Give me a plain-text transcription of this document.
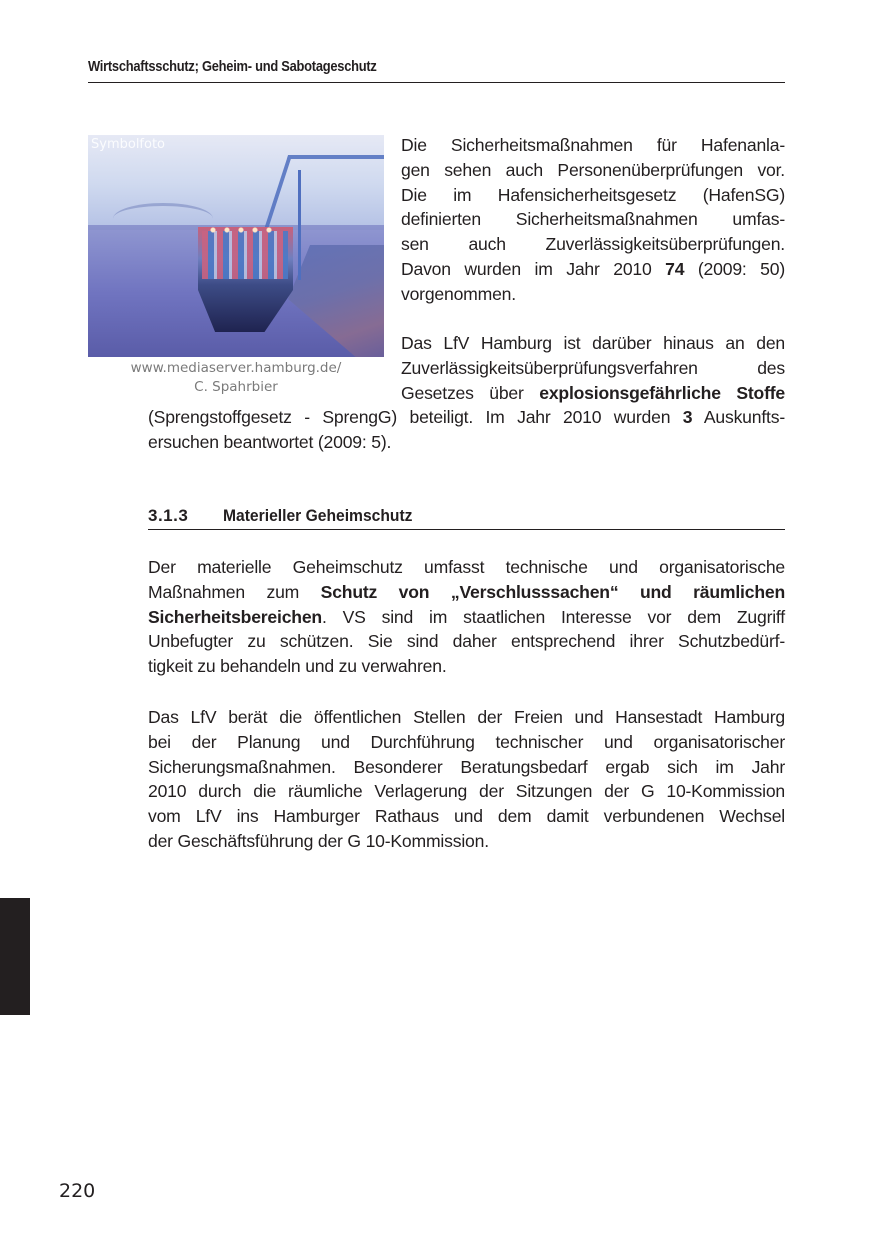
Wirtschaftsschutz; Geheim- und Sabotageschutz
Symbolfoto
www.mediaserver.hamburg.de/
C. Spahrbier
Die Sicherheitsmaßnahmen für Hafenanla-
gen sehen auch Personenüberprüfungen vor.
Die im Hafensicherheitsgesetz (HafenSG)
definierten Sicherheitsmaßnahmen umfas-
sen auch Zuverlässigkeitsüberprüfungen.
Davon wurden im Jahr 2010 74 (2009: 50)
vorgenommen.
Das LfV Hamburg ist darüber hinaus an den
Zuverlässigkeitsüberprüfungsverfahren des
Gesetzes über explosionsgefährliche Stoffe
(Sprengstoffgesetz - SprengG) beteiligt. Im Jahr 2010 wurden 3 Auskunfts-
ersuchen beantwortet (2009: 5).
3.1.3 Materieller Geheimschutz
Der materielle Geheimschutz umfasst technische und organisatorische
Maßnahmen zum Schutz von „Verschlusssachen“ und räumlichen
Sicherheitsbereichen. VS sind im staatlichen Interesse vor dem Zugriff
Unbefugter zu schützen. Sie sind daher entsprechend ihrer Schutzbedürf-
tigkeit zu behandeln und zu verwahren.
Das LfV berät die öffentlichen Stellen der Freien und Hansestadt Hamburg
bei der Planung und Durchführung technischer und organisatorischer
Sicherungsmaßnahmen. Besonderer Beratungsbedarf ergab sich im Jahr
2010 durch die räumliche Verlagerung der Sitzungen der G 10-Kommission
vom LfV ins Hamburger Rathaus und dem damit verbundenen Wechsel
der Geschäftsführung der G 10-Kommission.
220
